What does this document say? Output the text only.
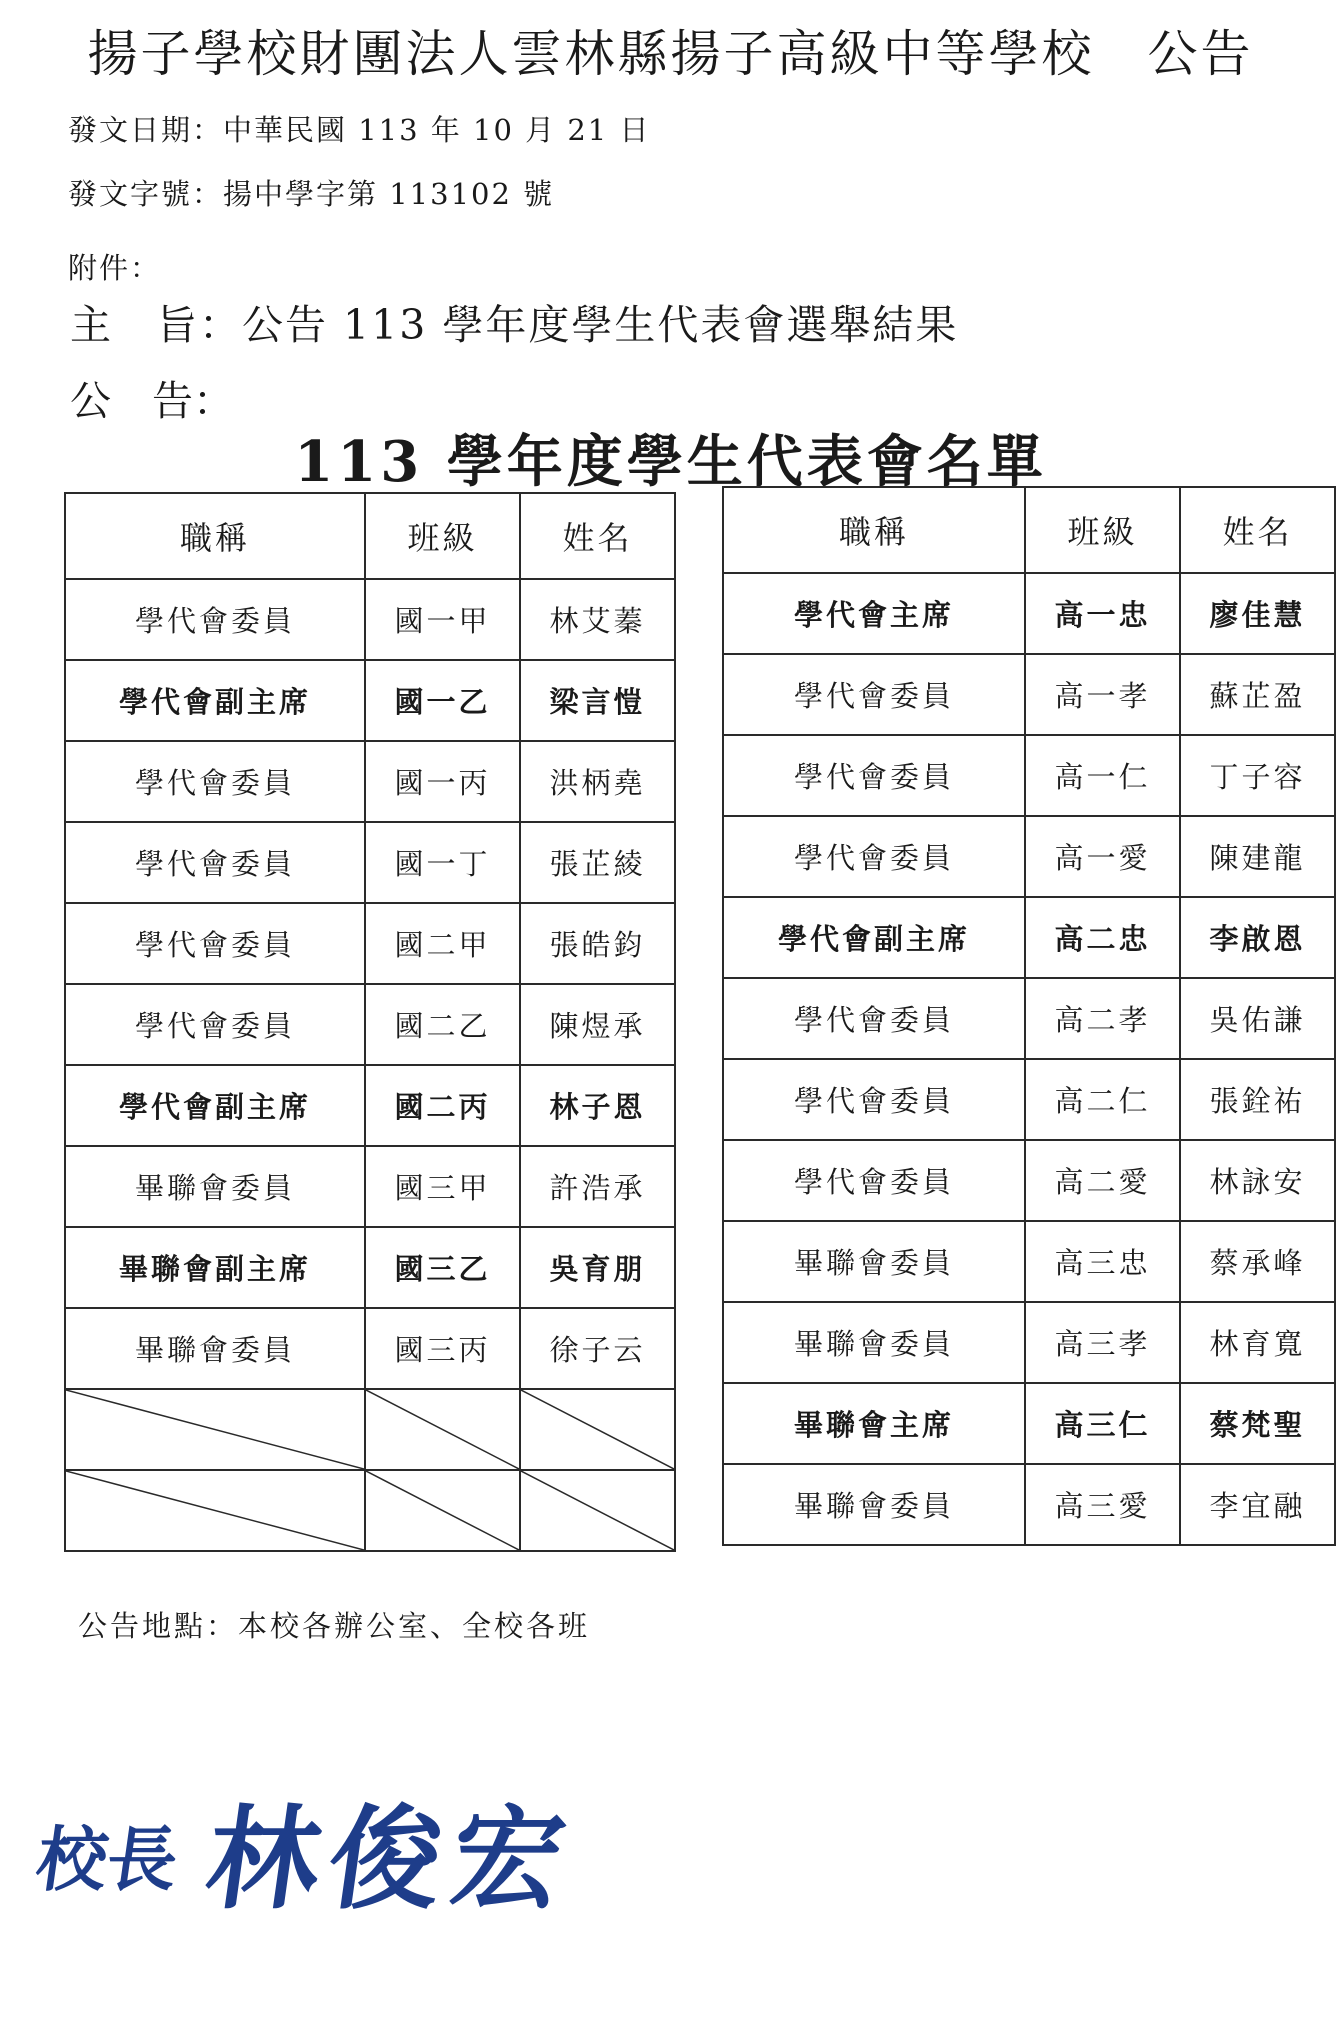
揚子學校財團法人雲林縣揚子高級中等學校　公告
發文日期：中華民國 113 年 10 月 21 日
發文字號：揚中學字第 113102 號
附件：
主　旨：公告 113 學年度學生代表會選舉結果
公　告：
113 學年度學生代表會名單
職稱	班級	姓名
學代會委員	國一甲	林艾蓁
學代會副主席	國一乙	梁言愷
學代會委員	國一丙	洪柄堯
學代會委員	國一丁	張芷綾
學代會委員	國二甲	張皓鈞
學代會委員	國二乙	陳煜承
學代會副主席	國二丙	林子恩
畢聯會委員	國三甲	許浩承
畢聯會副主席	國三乙	吳育朋
畢聯會委員	國三丙	徐子云

職稱	班級	姓名
學代會主席	高一忠	廖佳慧
學代會委員	高一孝	蘇芷盈
學代會委員	高一仁	丁子容
學代會委員	高一愛	陳建龍
學代會副主席	高二忠	李啟恩
學代會委員	高二孝	吳佑謙
學代會委員	高二仁	張銓祐
學代會委員	高二愛	林詠安
畢聯會委員	高三忠	蔡承峰
畢聯會委員	高三孝	林育寬
畢聯會主席	高三仁	蔡梵聖
畢聯會委員	高三愛	李宜融
公告地點：本校各辦公室、全校各班
校長 林俊宏
